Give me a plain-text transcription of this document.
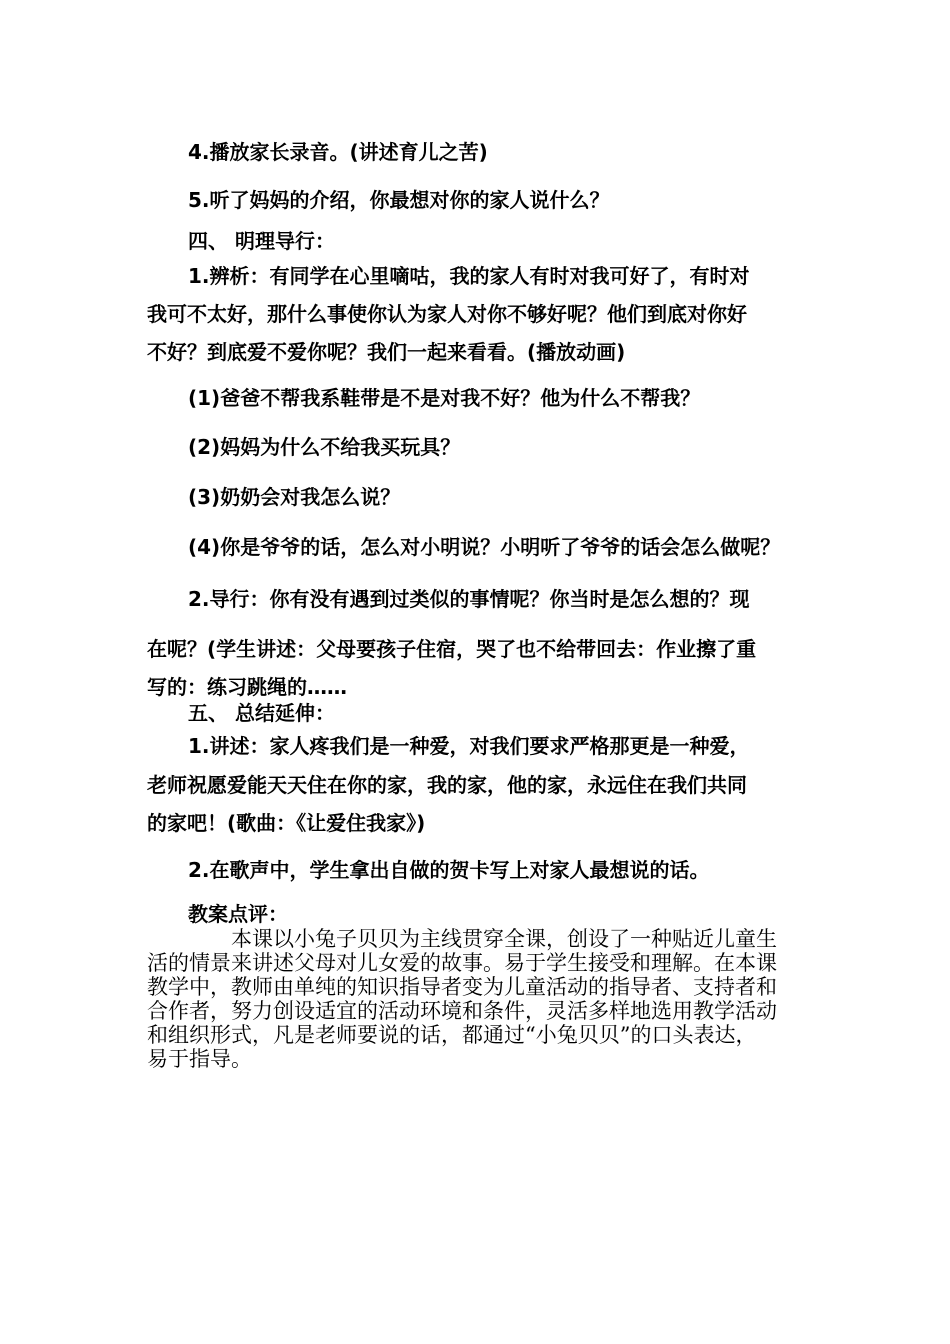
4.播放家长录音。(讲述育儿之苦)
5.听了妈妈的介绍，你最想对你的家人说什么？
四、 明理导行：
1.辨析：有同学在心里嘀咕，我的家人有时对我可好了，有时对
我可不太好，那什么事使你认为家人对你不够好呢？他们到底对你好
不好？到底爱不爱你呢？我们一起来看看。(播放动画)
(1)爸爸不帮我系鞋带是不是对我不好？他为什么不帮我？
(2)妈妈为什么不给我买玩具？
(3)奶奶会对我怎么说？
(4)你是爷爷的话，怎么对小明说？小明听了爷爷的话会怎么做呢？
2.导行：你有没有遇到过类似的事情呢？你当时是怎么想的？现
在呢？(学生讲述：父母要孩子住宿，哭了也不给带回去：作业擦了重
写的：练习跳绳的……
五、 总结延伸：
1.讲述：家人疼我们是一种爱，对我们要求严格那更是一种爱，
老师祝愿爱能天天住在你的家，我的家，他的家，永远住在我们共同
的家吧！(歌曲：《让爱住我家》)
2.在歌声中，学生拿出自做的贺卡写上对家人最想说的话。
教案点评：
本课以小兔子贝贝为主线贯穿全课，创设了一种贴近儿童生
活的情景来讲述父母对儿女爱的故事。易于学生接受和理解。在本课
教学中，教师由单纯的知识指导者变为儿童活动的指导者、支持者和
合作者，努力创设适宜的活动环境和条件，灵活多样地选用教学活动
和组织形式，凡是老师要说的话，都通过“小兔贝贝”的口头表达，
易于指导。
